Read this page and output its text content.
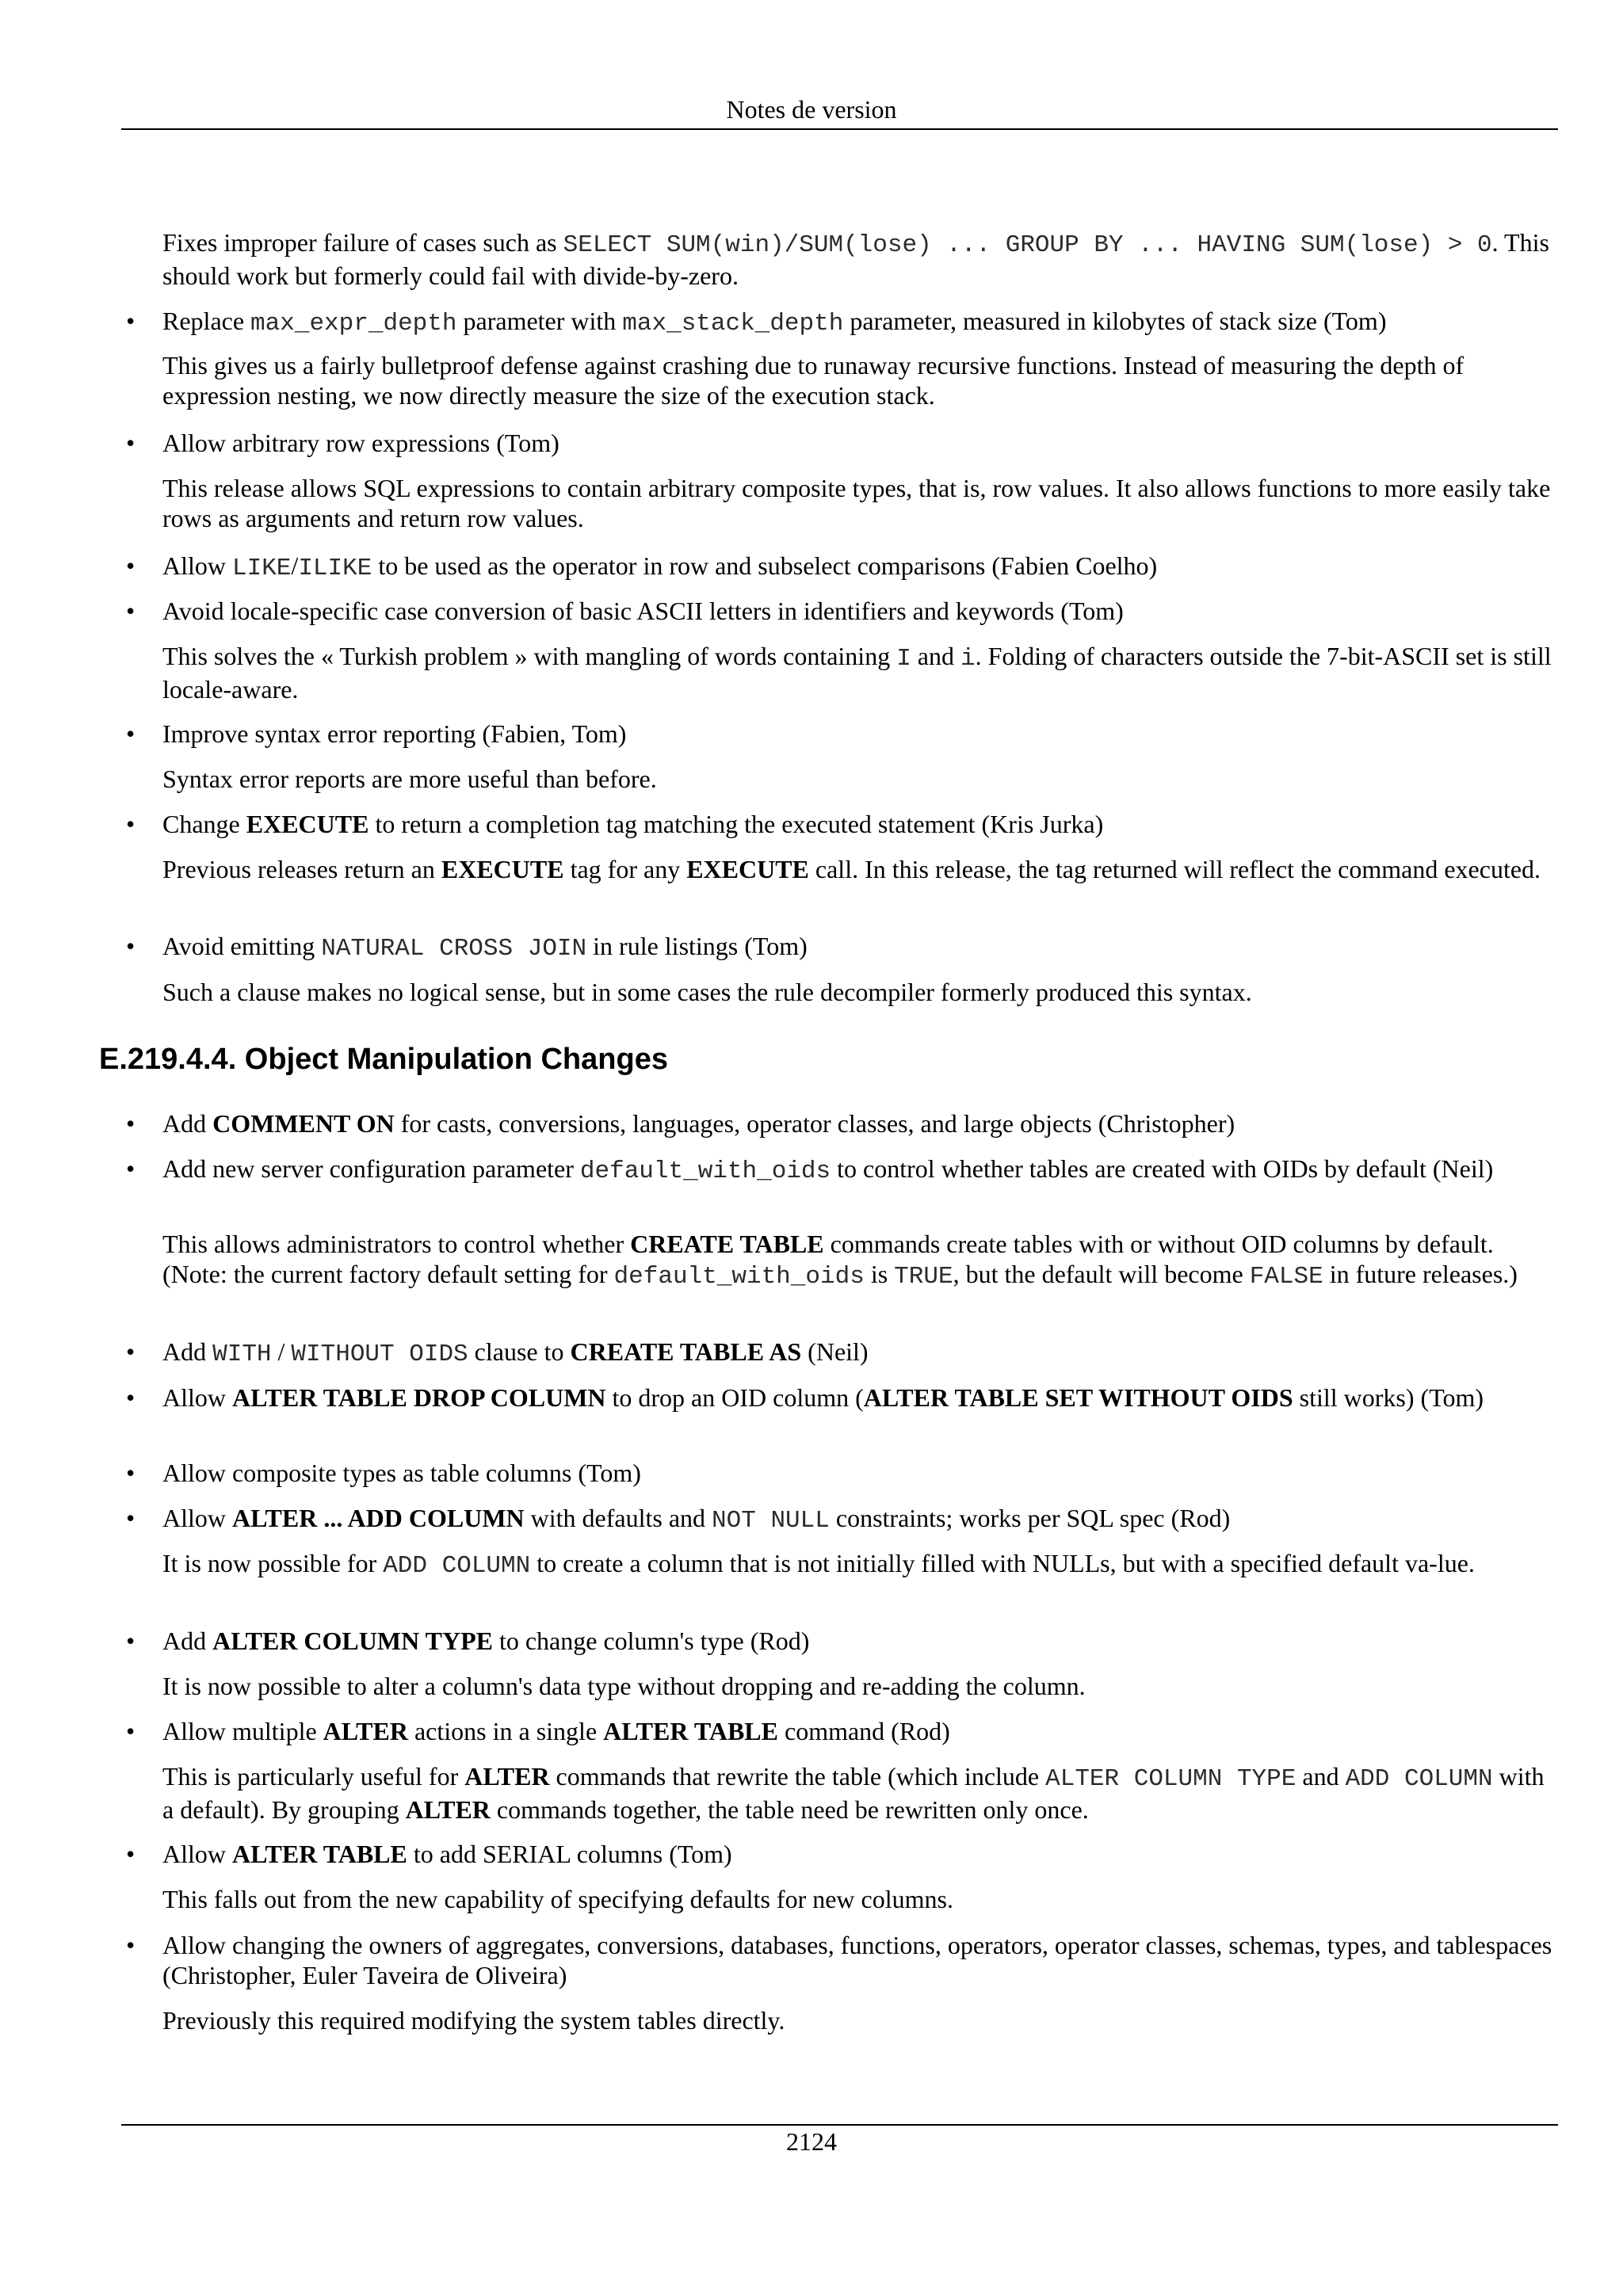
Notes de version

Fixes improper failure of cases such as SELECT SUM(win)/SUM(lose) ... GROUP BY ... HAVING SUM(lose) > 0. This should work but formerly could fail with divide-by-zero.

• Replace max_expr_depth parameter with max_stack_depth parameter, measured in kilobytes of stack size (Tom)

This gives us a fairly bulletproof defense against crashing due to runaway recursive functions. Instead of measuring the depth of expression nesting, we now directly measure the size of the execution stack.

• Allow arbitrary row expressions (Tom)

This release allows SQL expressions to contain arbitrary composite types, that is, row values. It also allows functions to more easily take rows as arguments and return row values.

• Allow LIKE/ILIKE to be used as the operator in row and subselect comparisons (Fabien Coelho)

• Avoid locale-specific case conversion of basic ASCII letters in identifiers and keywords (Tom)

This solves the « Turkish problem » with mangling of words containing I and i. Folding of characters outside the 7-bit-ASCII set is still locale-aware.

• Improve syntax error reporting (Fabien, Tom)

Syntax error reports are more useful than before.

• Change EXECUTE to return a completion tag matching the executed statement (Kris Jurka)

Previous releases return an EXECUTE tag for any EXECUTE call. In this release, the tag returned will reflect the command executed.

• Avoid emitting NATURAL CROSS JOIN in rule listings (Tom)

Such a clause makes no logical sense, but in some cases the rule decompiler formerly produced this syntax.

E.219.4.4. Object Manipulation Changes
• Add COMMENT ON for casts, conversions, languages, operator classes, and large objects (Christopher)

• Add new server configuration parameter default_with_oids to control whether tables are created with OIDs by default (Neil)

This allows administrators to control whether CREATE TABLE commands create tables with or without OID columns by default. (Note: the current factory default setting for default_with_oids is TRUE, but the default will become FALSE in future releases.)

• Add WITH / WITHOUT OIDS clause to CREATE TABLE AS (Neil)

• Allow ALTER TABLE DROP COLUMN to drop an OID column (ALTER TABLE SET WITHOUT OIDS still works) (Tom)

• Allow composite types as table columns (Tom)

• Allow ALTER ... ADD COLUMN with defaults and NOT NULL constraints; works per SQL spec (Rod)

It is now possible for ADD COLUMN to create a column that is not initially filled with NULLs, but with a specified default va-lue.

• Add ALTER COLUMN TYPE to change column's type (Rod)

It is now possible to alter a column's data type without dropping and re-adding the column.

• Allow multiple ALTER actions in a single ALTER TABLE command (Rod)

This is particularly useful for ALTER commands that rewrite the table (which include ALTER COLUMN TYPE and ADD COLUMN with a default). By grouping ALTER commands together, the table need be rewritten only once.

• Allow ALTER TABLE to add SERIAL columns (Tom)

This falls out from the new capability of specifying defaults for new columns.

• Allow changing the owners of aggregates, conversions, databases, functions, operators, operator classes, schemas, types, and tablespaces (Christopher, Euler Taveira de Oliveira)

Previously this required modifying the system tables directly.

2124
